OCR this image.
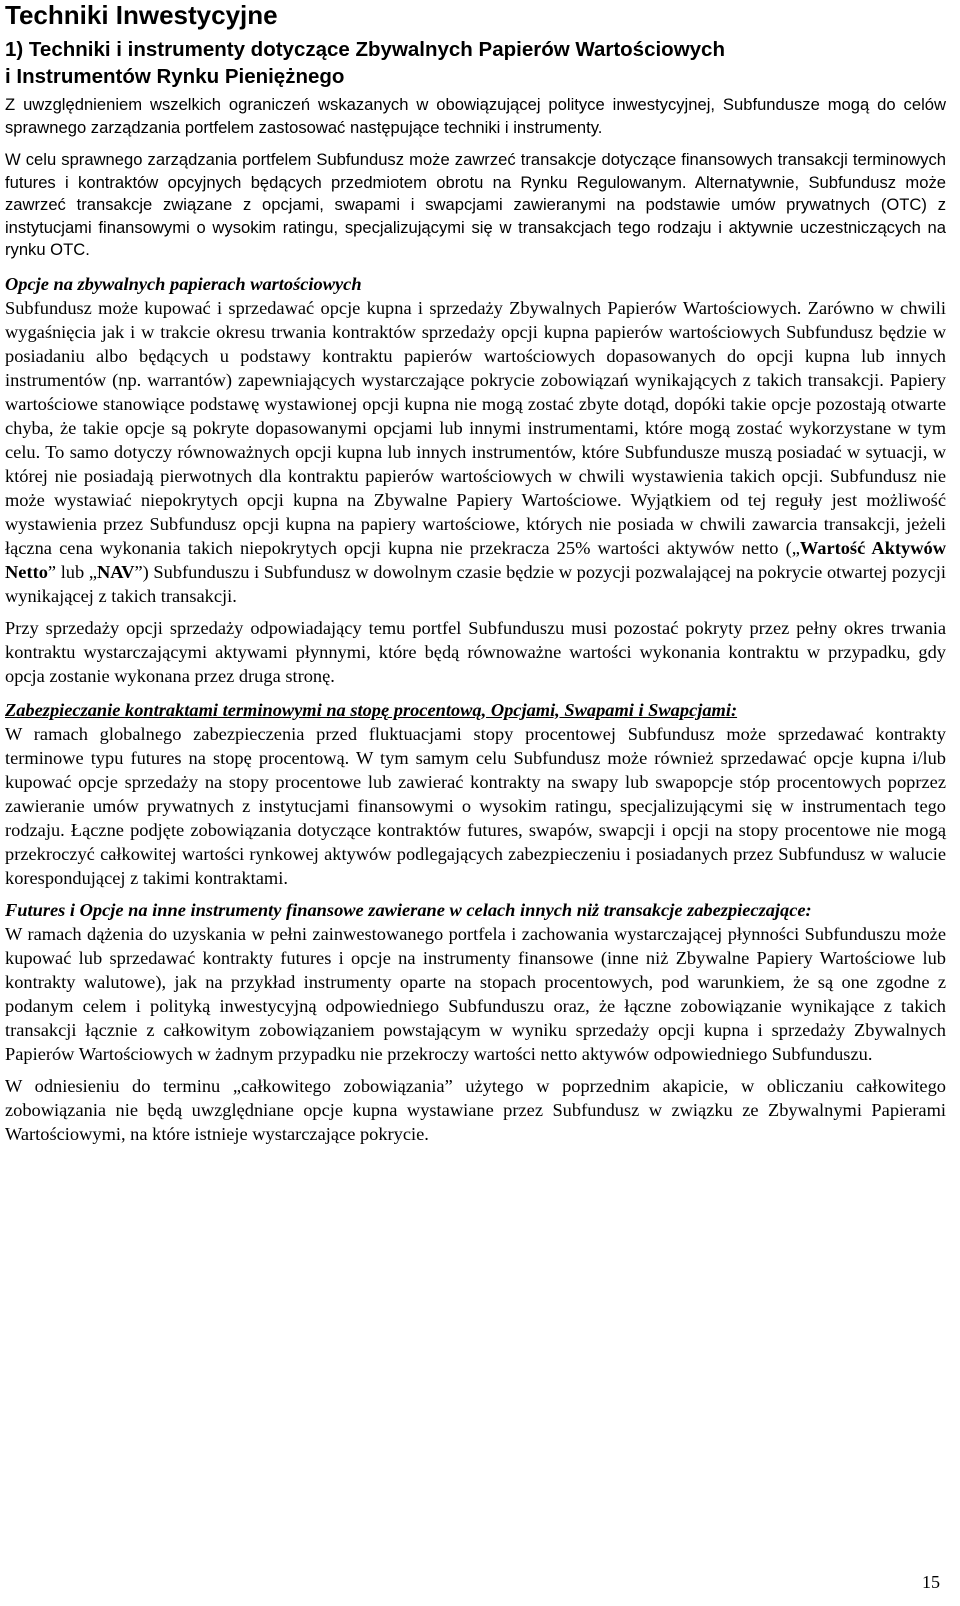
Techniki Inwestycyjne
1) Techniki i instrumenty dotyczące Zbywalnych Papierów Wartościowych
i Instrumentów Rynku Pieniężnego

Z uwzględnieniem wszelkich ograniczeń wskazanych w obowiązującej polityce inwestycyjnej, Subfundusze mogą do celów sprawnego zarządzania portfelem zastosować następujące techniki i instrumenty.

W celu sprawnego zarządzania portfelem Subfundusz może zawrzeć transakcje dotyczące finansowych transakcji terminowych futures i kontraktów opcyjnych będących przedmiotem obrotu na Rynku Regulowanym. Alternatywnie, Subfundusz może zawrzeć transakcje związane z opcjami, swapami i swapcjami zawieranymi na podstawie umów prywatnych (OTC) z instytucjami finansowymi o wysokim ratingu, specjalizującymi się w transakcjach tego rodzaju i aktywnie uczestniczących na rynku OTC.

Opcje na zbywalnych papierach wartościowych

Subfundusz może kupować i sprzedawać opcje kupna i sprzedaży Zbywalnych Papierów Wartościowych. Zarówno w chwili wygaśnięcia jak i w trakcie okresu trwania kontraktów sprzedaży opcji kupna papierów wartościowych Subfundusz będzie w posiadaniu albo będących u podstawy kontraktu papierów wartościowych dopasowanych do opcji kupna lub innych instrumentów (np. warrantów) zapewniających wystarczające pokrycie zobowiązań wynikających z takich transakcji. Papiery wartościowe stanowiące podstawę wystawionej opcji kupna nie mogą zostać zbyte dotąd, dopóki takie opcje pozostają otwarte chyba, że takie opcje są pokryte dopasowanymi opcjami lub innymi instrumentami, które mogą zostać wykorzystane w tym celu. To samo dotyczy równoważnych opcji kupna lub innych instrumentów, które Subfundusze muszą posiadać w sytuacji, w której nie posiadają pierwotnych dla kontraktu papierów wartościowych w chwili wystawienia takich opcji. Subfundusz nie może wystawiać niepokrytych opcji kupna na Zbywalne Papiery Wartościowe. Wyjątkiem od tej reguły jest możliwość wystawienia przez Subfundusz opcji kupna na papiery wartościowe, których nie posiada w chwili zawarcia transakcji, jeżeli łączna cena wykonania takich niepokrytych opcji kupna nie przekracza 25% wartości aktywów netto („Wartość Aktywów Netto” lub „NAV”) Subfunduszu i Subfundusz w dowolnym czasie będzie w pozycji pozwalającej na pokrycie otwartej pozycji wynikającej z takich transakcji.

Przy sprzedaży opcji sprzedaży odpowiadający temu portfel Subfunduszu musi pozostać pokryty przez pełny okres trwania kontraktu wystarczającymi aktywami płynnymi, które będą równoważne wartości wykonania kontraktu w przypadku, gdy opcja zostanie wykonana przez druga stronę.

Zabezpieczanie kontraktami terminowymi na stopę procentową, Opcjami, Swapami i Swapcjami:

W ramach globalnego zabezpieczenia przed fluktuacjami stopy procentowej Subfundusz może sprzedawać kontrakty terminowe typu futures na stopę procentową. W tym samym celu Subfundusz może również sprzedawać opcje kupna i/lub kupować opcje sprzedaży na stopy procentowe lub zawierać kontrakty na swapy lub swapopcje stóp procentowych poprzez zawieranie umów prywatnych z instytucjami finansowymi o wysokim ratingu, specjalizującymi się w instrumentach tego rodzaju. Łączne podjęte zobowiązania dotyczące kontraktów futures, swapów, swapcji i opcji na stopy procentowe nie mogą przekroczyć całkowitej wartości rynkowej aktywów podlegających zabezpieczeniu i posiadanych przez Subfundusz w walucie korespondującej z takimi kontraktami.

Futures i Opcje na inne instrumenty finansowe zawierane w celach innych niż transakcje zabezpieczające:

W ramach dążenia do uzyskania w pełni zainwestowanego portfela i zachowania wystarczającej płynności Subfunduszu może kupować lub sprzedawać kontrakty futures i opcje na instrumenty finansowe (inne niż Zbywalne Papiery Wartościowe lub kontrakty walutowe), jak na przykład instrumenty oparte na stopach procentowych, pod warunkiem, że są one zgodne z podanym celem i polityką inwestycyjną odpowiedniego Subfunduszu oraz, że łączne zobowiązanie wynikające z takich transakcji łącznie z całkowitym zobowiązaniem powstającym w wyniku sprzedaży opcji kupna i sprzedaży Zbywalnych Papierów Wartościowych w żadnym przypadku nie przekroczy wartości netto aktywów odpowiedniego Subfunduszu.

W odniesieniu do terminu „całkowitego zobowiązania” użytego w poprzednim akapicie, w obliczaniu całkowitego zobowiązania nie będą uwzględniane opcje kupna wystawiane przez Subfundusz w związku ze Zbywalnymi Papierami Wartościowymi, na które istnieje wystarczające pokrycie.

15
